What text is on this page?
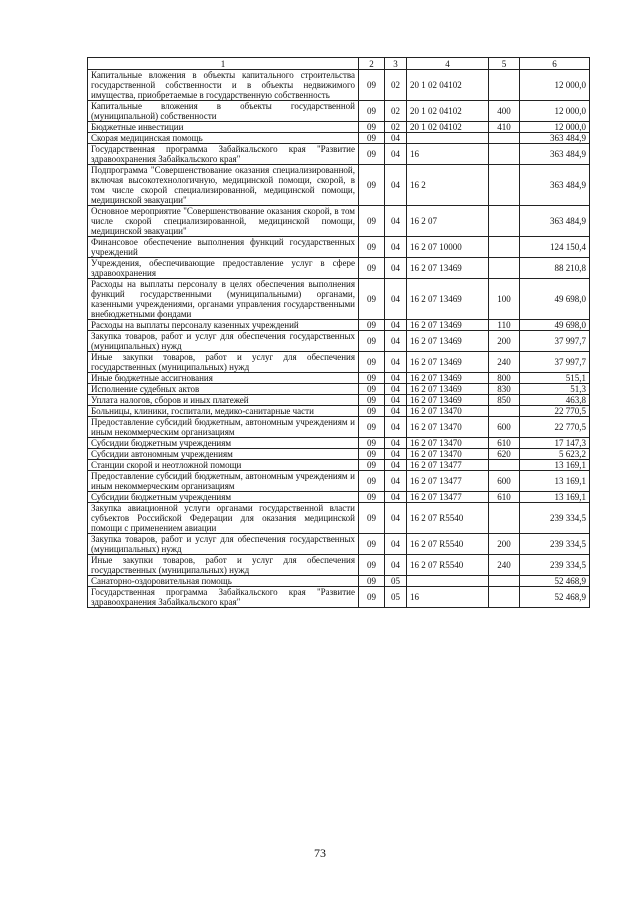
1	2	3	4	5	6
Капитальные вложения в объекты капитального строительства государственной собственности и в объекты недвижимого имущества, приобретаемые в государственную собственность	09	02	20 1 02 04102		12 000,0
Капитальные вложения в объекты государственной (муниципальной) собственности	09	02	20 1 02 04102	400	12 000,0
Бюджетные инвестиции	09	02	20 1 02 04102	410	12 000,0
Скорая медицинская помощь	09	04			363 484,9
Государственная программа Забайкальского края "Развитие здравоохранения Забайкальского края"	09	04	16		363 484,9
Подпрограмма "Совершенствование оказания специализированной, включая высокотехнологичную, медицинской помощи, скорой, в том числе скорой специализированной, медицинской помощи, медицинской эвакуации"	09	04	16 2		363 484,9
Основное мероприятие "Совершенствование оказания скорой, в том числе скорой специализированной, медицинской помощи, медицинской эвакуации"	09	04	16 2 07		363 484,9
Финансовое обеспечение выполнения функций государственных учреждений	09	04	16 2 07 10000		124 150,4
Учреждения, обеспечивающие предоставление услуг в сфере здравоохранения	09	04	16 2 07 13469		88 210,8
Расходы на выплаты персоналу в целях обеспечения выполнения функций государственными (муниципальными) органами, казенными учреждениями, органами управления государственными внебюджетными фондами	09	04	16 2 07 13469	100	49 698,0
Расходы на выплаты персоналу казенных учреждений	09	04	16 2 07 13469	110	49 698,0
Закупка товаров, работ и услуг для обеспечения государственных (муниципальных) нужд	09	04	16 2 07 13469	200	37 997,7
Иные закупки товаров, работ и услуг для обеспечения государственных (муниципальных) нужд	09	04	16 2 07 13469	240	37 997,7
Иные бюджетные ассигнования	09	04	16 2 07 13469	800	515,1
Исполнение судебных актов	09	04	16 2 07 13469	830	51,3
Уплата налогов, сборов и иных платежей	09	04	16 2 07 13469	850	463,8
Больницы, клиники, госпитали, медико-санитарные части	09	04	16 2 07 13470		22 770,5
Предоставление субсидий бюджетным, автономным учреждениям и иным некоммерческим организациям	09	04	16 2 07 13470	600	22 770,5
Субсидии бюджетным учреждениям	09	04	16 2 07 13470	610	17 147,3
Субсидии автономным учреждениям	09	04	16 2 07 13470	620	5 623,2
Станции скорой и неотложной помощи	09	04	16 2 07 13477		13 169,1
Предоставление субсидий бюджетным, автономным учреждениям и иным некоммерческим организациям	09	04	16 2 07 13477	600	13 169,1
Субсидии бюджетным учреждениям	09	04	16 2 07 13477	610	13 169,1
Закупка авиационной услуги органами государственной власти субъектов Российской Федерации для оказания медицинской помощи с применением авиации	09	04	16 2 07 R5540		239 334,5
Закупка товаров, работ и услуг для обеспечения государственных (муниципальных) нужд	09	04	16 2 07 R5540	200	239 334,5
Иные закупки товаров, работ и услуг для обеспечения государственных (муниципальных) нужд	09	04	16 2 07 R5540	240	239 334,5
Санаторно-оздоровительная помощь	09	05			52 468,9
Государственная программа Забайкальского края "Развитие здравоохранения Забайкальского края"	09	05	16		52 468,9
73
